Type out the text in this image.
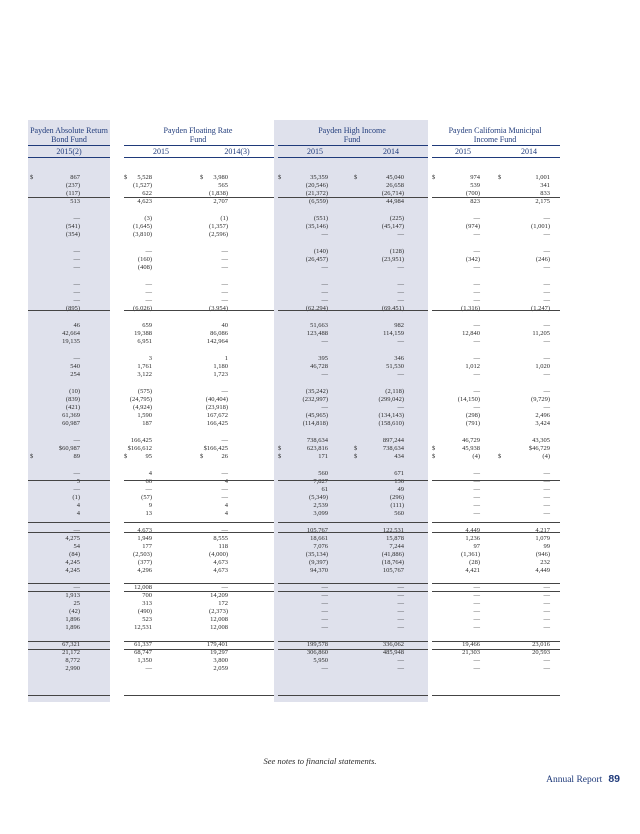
Payden Absolute Return
Bond Fund
Payden Floating Rate
Fund
Payden High Income
Fund
Payden California Municipal
Income Fund
2015(2)	2015	2014(3)	2015	2014	2015	2014
$	867	$ 5,528	$ 3,980	$	35,359	$	45,040	$	974	$	1,001
(237)	(1,527)	565	(20,546)	26,658	539	341
(117)	622	(1,838)	(21,372)	(26,714)	(700)	833
513	4,623	2,707	(6,559)	44,984	823	2,175
—	(3)	(1)	(551)	(225)	—	—
(541)	(1,645)	(1,357)	(35,146)	(45,147)	(974)	(1,001)
(354)	(3,810)	(2,596)	—	—	—	—
—	—	—	(140)	(128)	—	—
—	(160)	—	(26,457)	(23,951)	(342)	(246)
—	(408)	—	—	—	—	—
—	—	—	—	—	—	—
—	—	—	—	—	—	—
—	—	—	—	—	—	—
(895)	(6,026)	(3,954)	(62,294)	(69,451)	(1,316)	(1,247)
46	659	40	51,663	982	—	—
42,664	19,388	86,086	123,488	114,159	12,840	11,205
19,135	6,951	142,964	—	—	—	—
—	3	1	395	346	—	—
540	1,761	1,180	46,728	51,530	1,012	1,020
254	3,122	1,723	—	—	—	—
(10)	(575)	—	(35,242)	(2,118)	—	—
(839)	(24,795)	(40,404)	(232,997)	(299,042)	(14,150)	(9,729)
(421)	(4,924)	(23,918)	—	—	—	—
61,369	1,590	167,672	(45,965)	(134,143)	(298)	2,496
60,987	187	166,425	(114,818)	(158,610)	(791)	3,424
—	166,425	—	738,634	897,244	46,729	43,305
$60,987	$166,612	$166,425	$	623,816	$	738,634	$	45,938	$46,729
$	89	$	95	$	26	$	171	$	434	$	(4)	$	(4)
—	4	—	560	671	—	—
5	66	4	7,827	136	—	—
—	—	—	61	49	—	—
(1)	(57)	—	(5,349)	(296)	—	—
4	9	4	2,539	(111)	—	—
4	13	4	3,099	560	—	—
—	4,673	—	105,767	122,531	4,449	4,217
4,275	1,949	8,555	18,661	15,878	1,236	1,079
54	177	118	7,076	7,244	97	99
(84)	(2,503)	(4,000)	(35,134)	(41,886)	(1,361)	(946)
4,245	(377)	4,673	(9,397)	(18,764)	(28)	232
4,245	4,296	4,673	94,370	105,767	4,421	4,449
—	12,008	—	—	—	—	—
1,913	700	14,209	—	—	—	—
25	313	172	—	—	—	—
(42)	(490)	(2,373)	—	—	—	—
1,896	523	12,008	—	—	—	—
1,896	12,531	12,008	—	—	—	—
67,321	61,337	179,401	199,578	336,062	19,466	23,016
21,172	68,747	19,297	306,860	485,948	21,303	20,593
8,772	1,350	3,800	5,950	—	—	—
2,990	—	2,059	—	—	—	—
See notes to financial statements.
Annual Report 89
